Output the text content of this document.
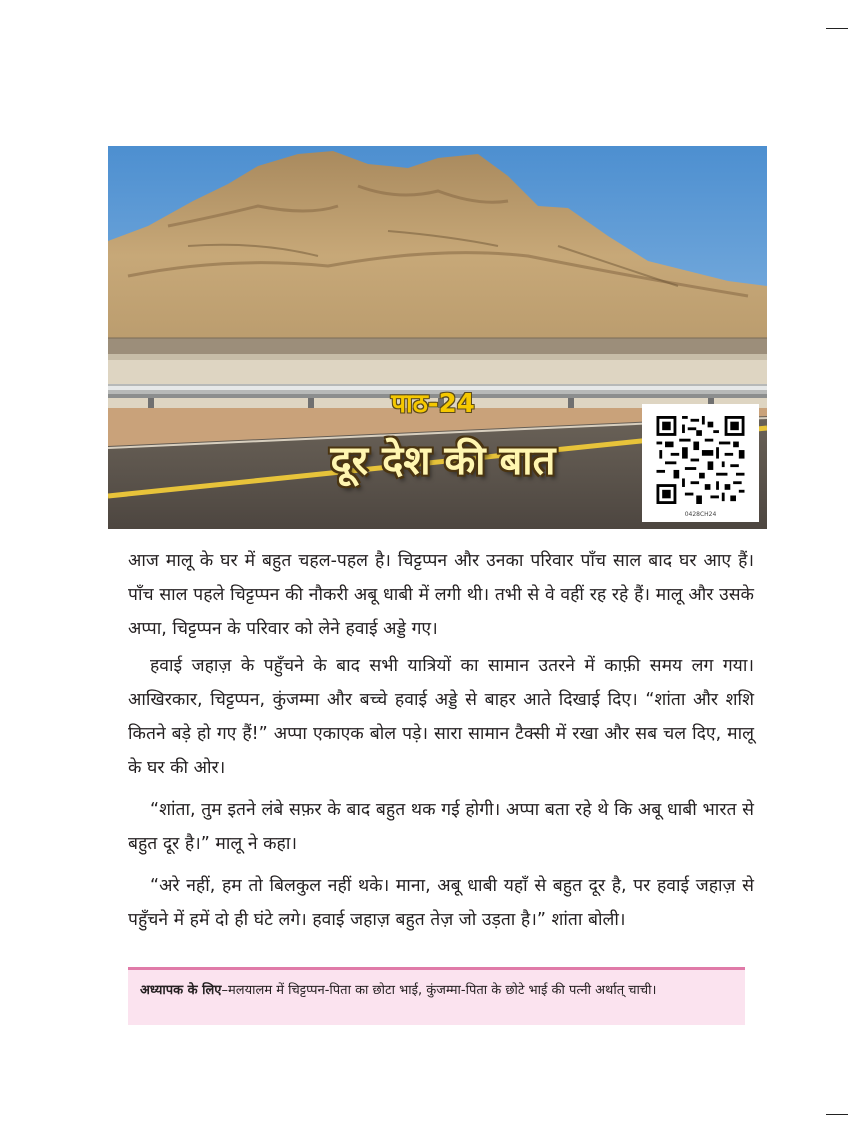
पाठ-24
दूर देश की बात
0428CH24

आज मालू के घर में बहुत चहल-पहल है। चिट्टप्पन और उनका परिवार पाँच साल बाद घर आए हैं। पाँच साल पहले चिट्टप्पन की नौकरी अबू धाबी में लगी थी। तभी से वे वहीं रह रहे हैं। मालू और उसके अप्पा, चिट्टप्पन के परिवार को लेने हवाई अड्डे गए।

हवाई जहाज़ के पहुँचने के बाद सभी यात्रियों का सामान उतरने में काफ़ी समय लग गया। आखिरकार, चिट्टप्पन, कुंजम्मा और बच्चे हवाई अड्डे से बाहर आते दिखाई दिए। “शांता और शशि कितने बड़े हो गए हैं!” अप्पा एकाएक बोल पड़े। सारा सामान टैक्सी में रखा और सब चल दिए, मालू के घर की ओर।

“शांता, तुम इतने लंबे सफ़र के बाद बहुत थक गई होगी। अप्पा बता रहे थे कि अबू धाबी भारत से बहुत दूर है।” मालू ने कहा।

“अरे नहीं, हम तो बिलकुल नहीं थके। माना, अबू धाबी यहाँ से बहुत दूर है, पर हवाई जहाज़ से पहुँचने में हमें दो ही घंटे लगे। हवाई जहाज़ बहुत तेज़ जो उड़ता है।” शांता बोली।

अध्यापक के लिए–मलयालम में चिट्टप्पन-पिता का छोटा भाई, कुंजम्मा-पिता के छोटे भाई की पत्नी अर्थात् चाची।
